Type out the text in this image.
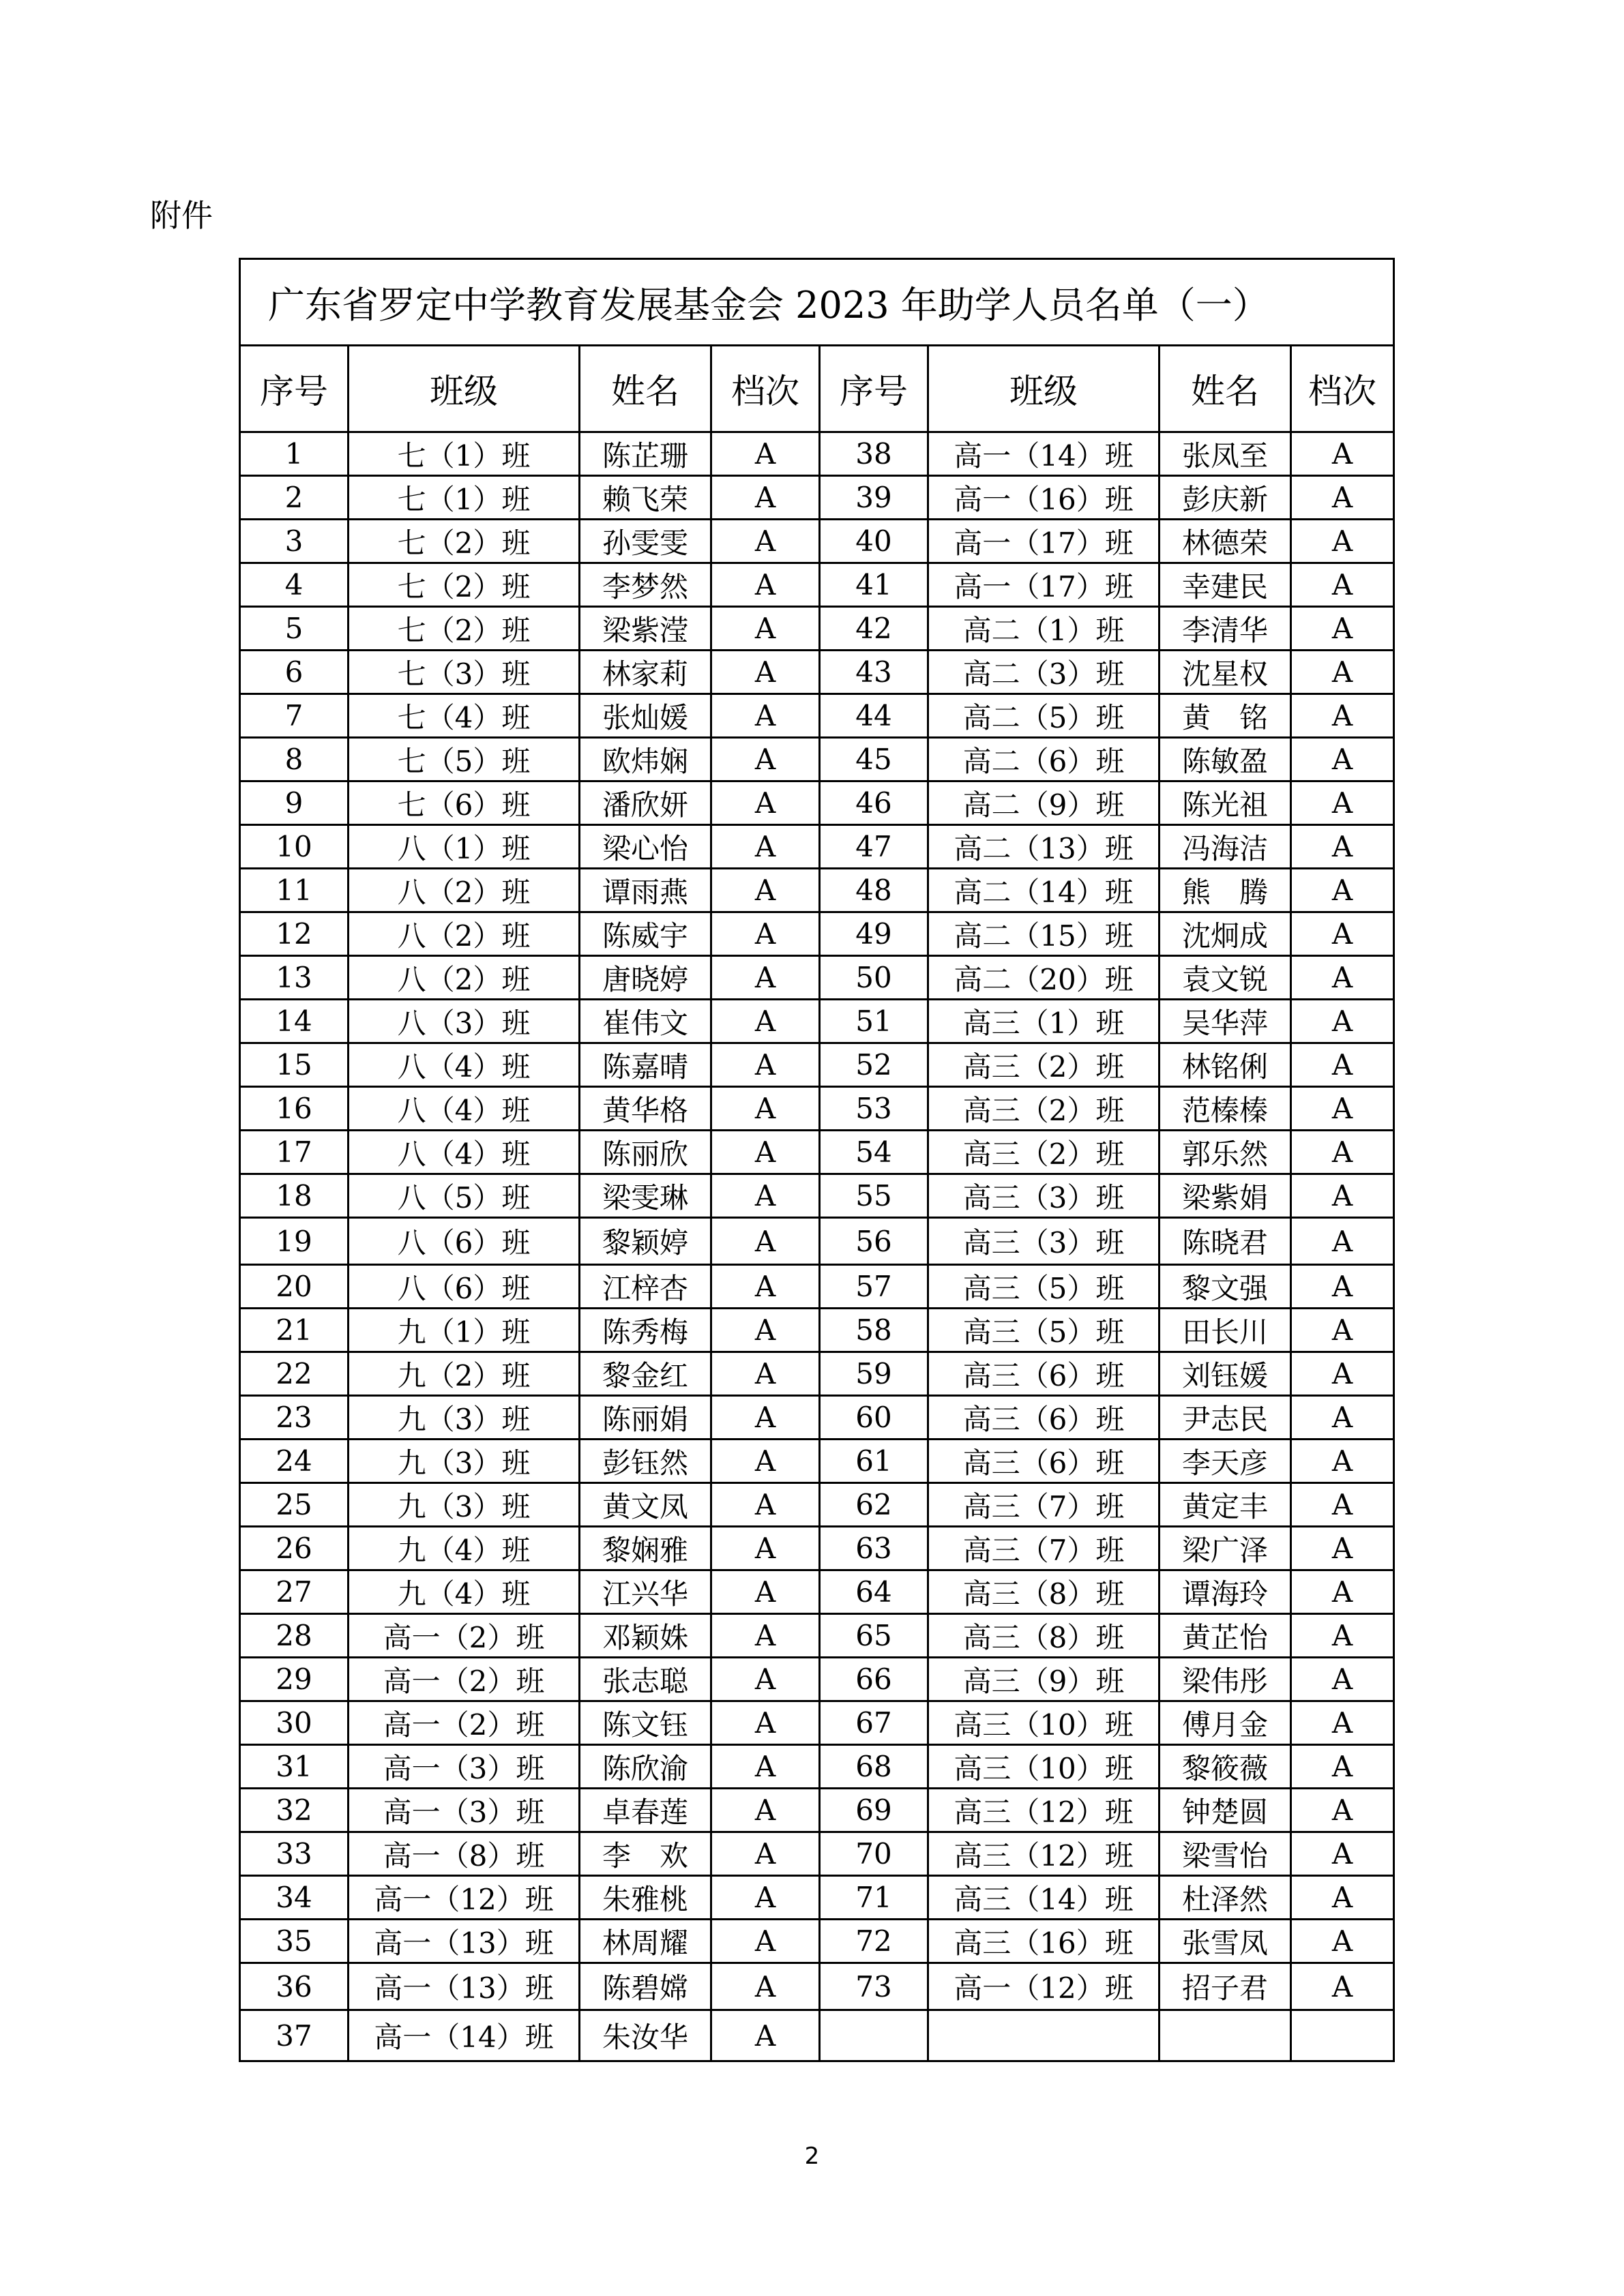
附件
广东省罗定中学教育发展基金会 2023 年助学人员名单（一）							
序号	班级	姓名	档次	序号	班级	姓名	档次
1	七（1）班	陈芷珊	A	38	高一（14）班	张凤至	A
2	七（1）班	赖飞荣	A	39	高一（16）班	彭庆新	A
3	七（2）班	孙雯雯	A	40	高一（17）班	林德荣	A
4	七（2）班	李梦然	A	41	高一（17）班	幸建民	A
5	七（2）班	梁紫滢	A	42	高二（1）班	李清华	A
6	七（3）班	林家莉	A	43	高二（3）班	沈星权	A
7	七（4）班	张灿媛	A	44	高二（5）班	黄　铭	A
8	七（5）班	欧炜娴	A	45	高二（6）班	陈敏盈	A
9	七（6）班	潘欣妍	A	46	高二（9）班	陈光祖	A
10	八（1）班	梁心怡	A	47	高二（13）班	冯海洁	A
11	八（2）班	谭雨燕	A	48	高二（14）班	熊　腾	A
12	八（2）班	陈威宇	A	49	高二（15）班	沈炯成	A
13	八（2）班	唐晓婷	A	50	高二（20）班	袁文锐	A
14	八（3）班	崔伟文	A	51	高三（1）班	吴华萍	A
15	八（4）班	陈嘉晴	A	52	高三（2）班	林铭俐	A
16	八（4）班	黄华格	A	53	高三（2）班	范榛榛	A
17	八（4）班	陈丽欣	A	54	高三（2）班	郭乐然	A
18	八（5）班	梁雯琳	A	55	高三（3）班	梁紫娟	A
19	八（6）班	黎颖婷	A	56	高三（3）班	陈晓君	A
20	八（6）班	江梓杏	A	57	高三（5）班	黎文强	A
21	九（1）班	陈秀梅	A	58	高三（5）班	田长川	A
22	九（2）班	黎金红	A	59	高三（6）班	刘钰媛	A
23	九（3）班	陈丽娟	A	60	高三（6）班	尹志民	A
24	九（3）班	彭钰然	A	61	高三（6）班	李天彦	A
25	九（3）班	黄文凤	A	62	高三（7）班	黄定丰	A
26	九（4）班	黎娴雅	A	63	高三（7）班	梁广泽	A
27	九（4）班	江兴华	A	64	高三（8）班	谭海玲	A
28	高一（2）班	邓颖姝	A	65	高三（8）班	黄芷怡	A
29	高一（2）班	张志聪	A	66	高三（9）班	梁伟彤	A
30	高一（2）班	陈文钰	A	67	高三（10）班	傅月金	A
31	高一（3）班	陈欣渝	A	68	高三（10）班	黎筱薇	A
32	高一（3）班	卓春莲	A	69	高三（12）班	钟楚圆	A
33	高一（8）班	李　欢	A	70	高三（12）班	梁雪怡	A
34	高一（12）班	朱雅桃	A	71	高三（14）班	杜泽然	A
35	高一（13）班	林周耀	A	72	高三（16）班	张雪凤	A
36	高一（13）班	陈碧嫦	A	73	高一（12）班	招子君	A
37	高一（14）班	朱汝华	A				
2
